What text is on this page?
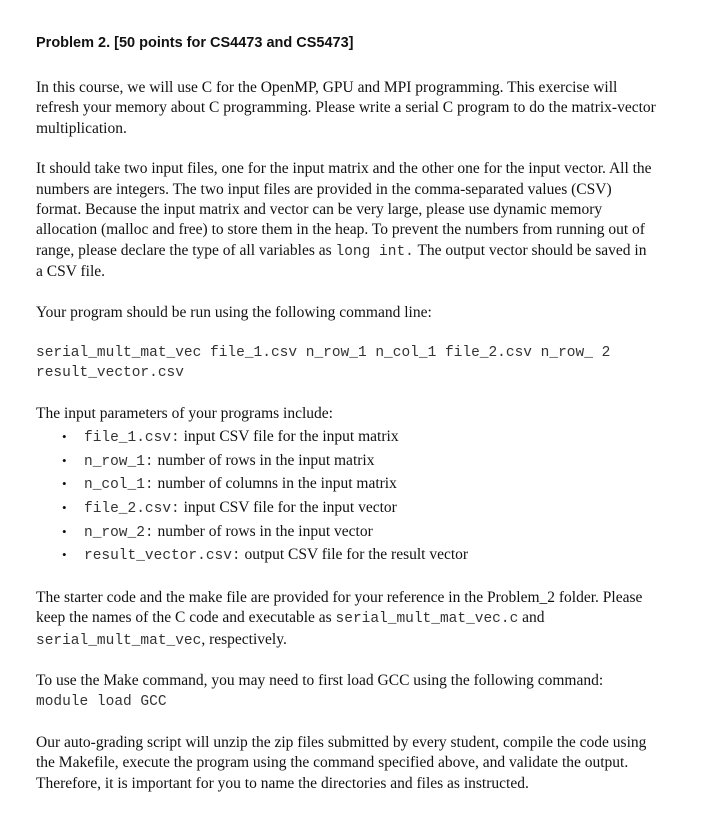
Problem 2. [50 points for CS4473 and CS5473]

In this course, we will use C for the OpenMP, GPU and MPI programming. This exercise will refresh your memory about C programming. Please write a serial C program to do the matrix-vector multiplication.

It should take two input files, one for the input matrix and the other one for the input vector. All the numbers are integers. The two input files are provided in the comma-separated values (CSV) format. Because the input matrix and vector can be very large, please use dynamic memory allocation (malloc and free) to store them in the heap. To prevent the numbers from running out of range, please declare the type of all variables as long int. The output vector should be saved in a CSV file.

Your program should be run using the following command line:

serial_mult_mat_vec file_1.csv n_row_1 n_col_1 file_2.csv n_row_ 2 result_vector.csv

The input parameters of your programs include:

• file_1.csv: input CSV file for the input matrix
• n_row_1: number of rows in the input matrix
• n_col_1: number of columns in the input matrix
• file_2.csv: input CSV file for the input vector
• n_row_2: number of rows in the input vector
• result_vector.csv: output CSV file for the result vector

The starter code and the make file are provided for your reference in the Problem_2 folder. Please keep the names of the C code and executable as serial_mult_mat_vec.c and serial_mult_mat_vec, respectively.

To use the Make command, you may need to first load GCC using the following command:
module load GCC

Our auto-grading script will unzip the zip files submitted by every student, compile the code using the Makefile, execute the program using the command specified above, and validate the output. Therefore, it is important for you to name the directories and files as instructed.
